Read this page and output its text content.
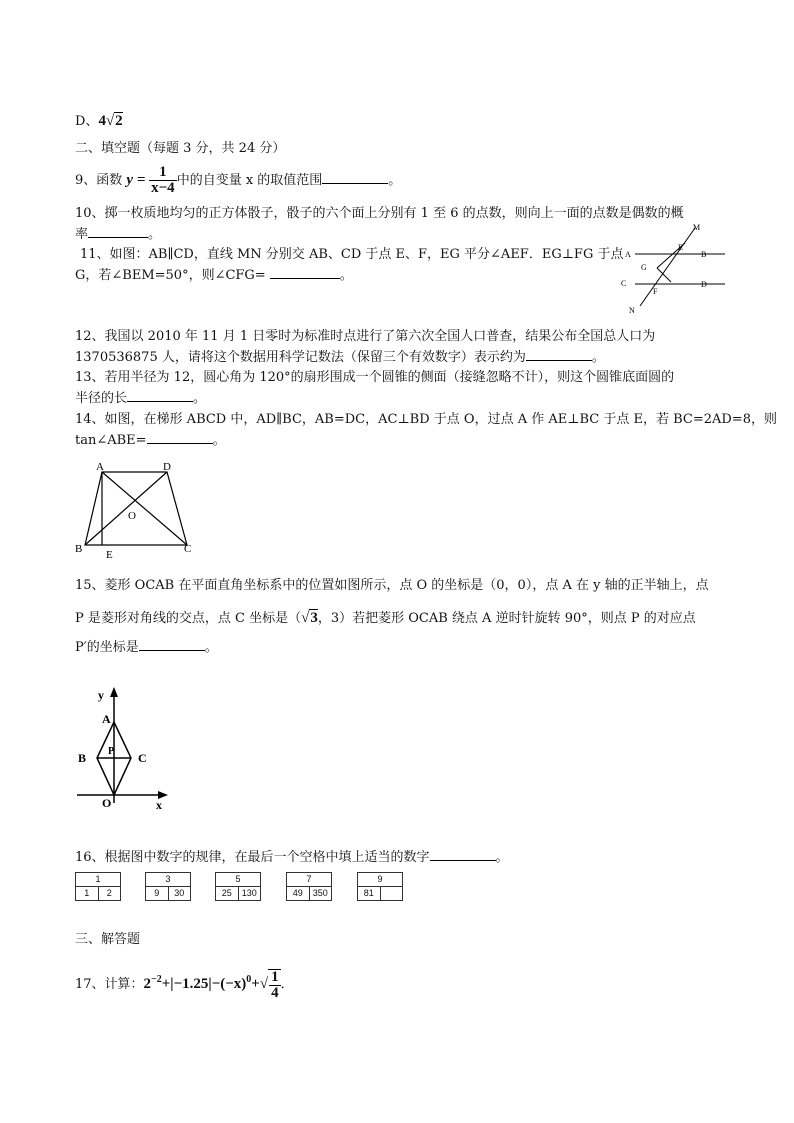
D、4√2
二、填空题（每题 3 分，共 24 分）
9、函数 $y = \frac{1}{x-4}$ 中的自变量 x 的取值范围	。
10、掷一枚质地均匀的正方体骰子，骰子的六个面上分别有 1 至 6 的点数，则向上一面的点数是偶数的概
率	。
11、如图：AB∥CD，直线 MN 分别交 AB、CD 于点 E、F，EG 平分∠AEF．EG⊥FG 于点
G，若∠BEM=50°，则∠CFG=	。
M
A
E
B
G
C
F
D
N
12、我国以 2010 年 11 月 1 日零时为标准时点进行了第六次全国人口普查，结果公布全国总人口为
1370536875 人，请将这个数据用科学记数法（保留三个有效数字）表示约为	。
13、若用半径为 12，圆心角为 120°的扇形围成一个圆锥的侧面（接缝忽略不计），则这个圆锥底面圆的
半径的长	。
14、如图，在梯形 ABCD 中，AD∥BC，AB=DC，AC⊥BD 于点 O，过点 A 作 AE⊥BC 于点 E，若 BC=2AD=8，则
tan∠ABE=	。
A	D
O
B E	C
15、菱形 OCAB 在平面直角坐标系中的位置如图所示，点 O 的坐标是（0，0），点 A 在 y 轴的正半轴上，点
P 是菱形对角线的交点，点 C 坐标是（√3，3）若把菱形 OCAB 绕点 A 逆时针旋转 90°，则点 P 的对应点
P′的坐标是	。
y
A
B P C
O	x
16、根据图中数字的规律，在最后一个空格中填上适当的数字	。
1
1	2
3
9	30
5
25	130
7
49	350
9
81
三、解答题
17、计算：$2^{-2}+|-1.25|-(-x)^0+√ \frac{1}{4}$ ．
